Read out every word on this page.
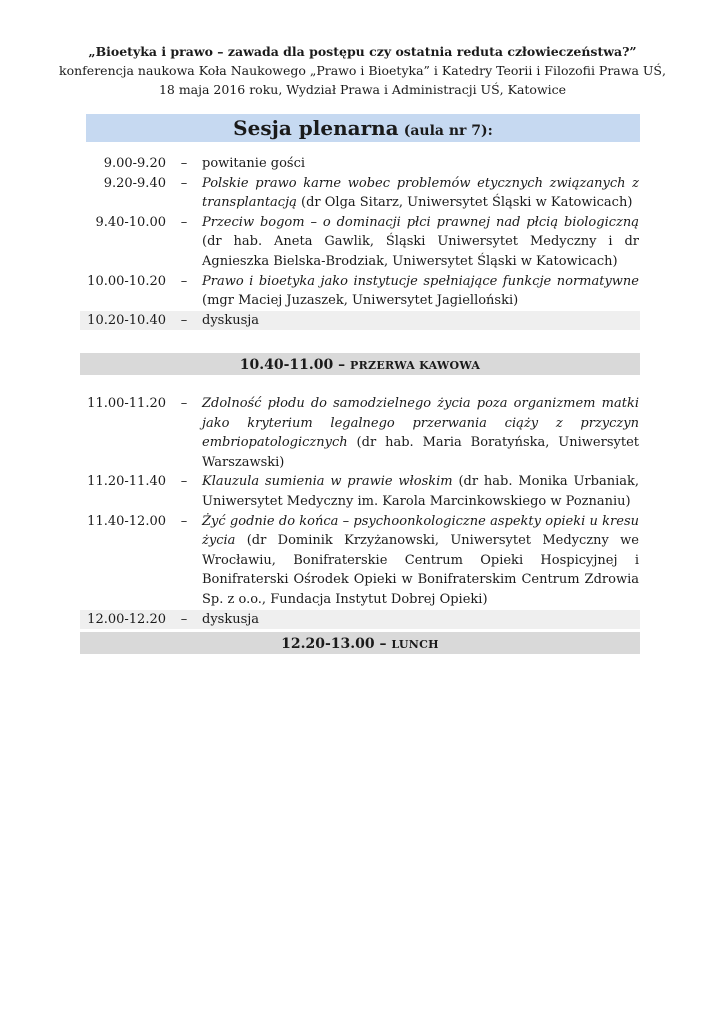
„Bioetyka i prawo – zawada dla postępu czy ostatnia reduta człowieczeństwa?”
konferencja naukowa Koła Naukowego „Prawo i Bioetyka” i Katedry Teorii i Filozofii Prawa UŚ,
18 maja 2016 roku, Wydział Prawa i Administracji UŚ, Katowice
Sesja plenarna (aula nr 7):
9.00-9.20	–	powitanie gości
9.20-9.40	–	Polskie prawo karne wobec problemów etycznych związanych z transplantacją (dr Olga Sitarz, Uniwersytet Śląski w Katowicach)
9.40-10.00	–	Przeciw bogom – o dominacji płci prawnej nad płcią biologiczną (dr hab. Aneta Gawlik, Śląski Uniwersytet Medyczny i dr Agnieszka Bielska-Brodziak, Uniwersytet Śląski w Katowicach)
10.00-10.20	–	Prawo i bioetyka jako instytucje spełniające funkcje normatywne (mgr Maciej Juzaszek, Uniwersytet Jagielloński)
10.20-10.40	–	dyskusja
10.40-11.00 – PRZERWA KAWOWA
11.00-11.20	–	Zdolność płodu do samodzielnego życia poza organizmem matki jako kryterium legalnego przerwania ciąży z przyczyn embriopatologicznych (dr hab. Maria Boratyńska, Uniwersytet Warszawski)
11.20-11.40	–	Klauzula sumienia w prawie włoskim (dr hab. Monika Urbaniak, Uniwersytet Medyczny im. Karola Marcinkowskiego w Poznaniu)
11.40-12.00	–	Żyć godnie do końca – psychoonkologiczne aspekty opieki u kresu życia (dr Dominik Krzyżanowski, Uniwersytet Medyczny we Wrocławiu, Bonifraterskie Centrum Opieki Hospicyjnej i Bonifraterski Ośrodek Opieki w Bonifraterskim Centrum Zdrowia Sp. z o.o., Fundacja Instytut Dobrej Opieki)
12.00-12.20	–	dyskusja
12.20-13.00 – LUNCH
